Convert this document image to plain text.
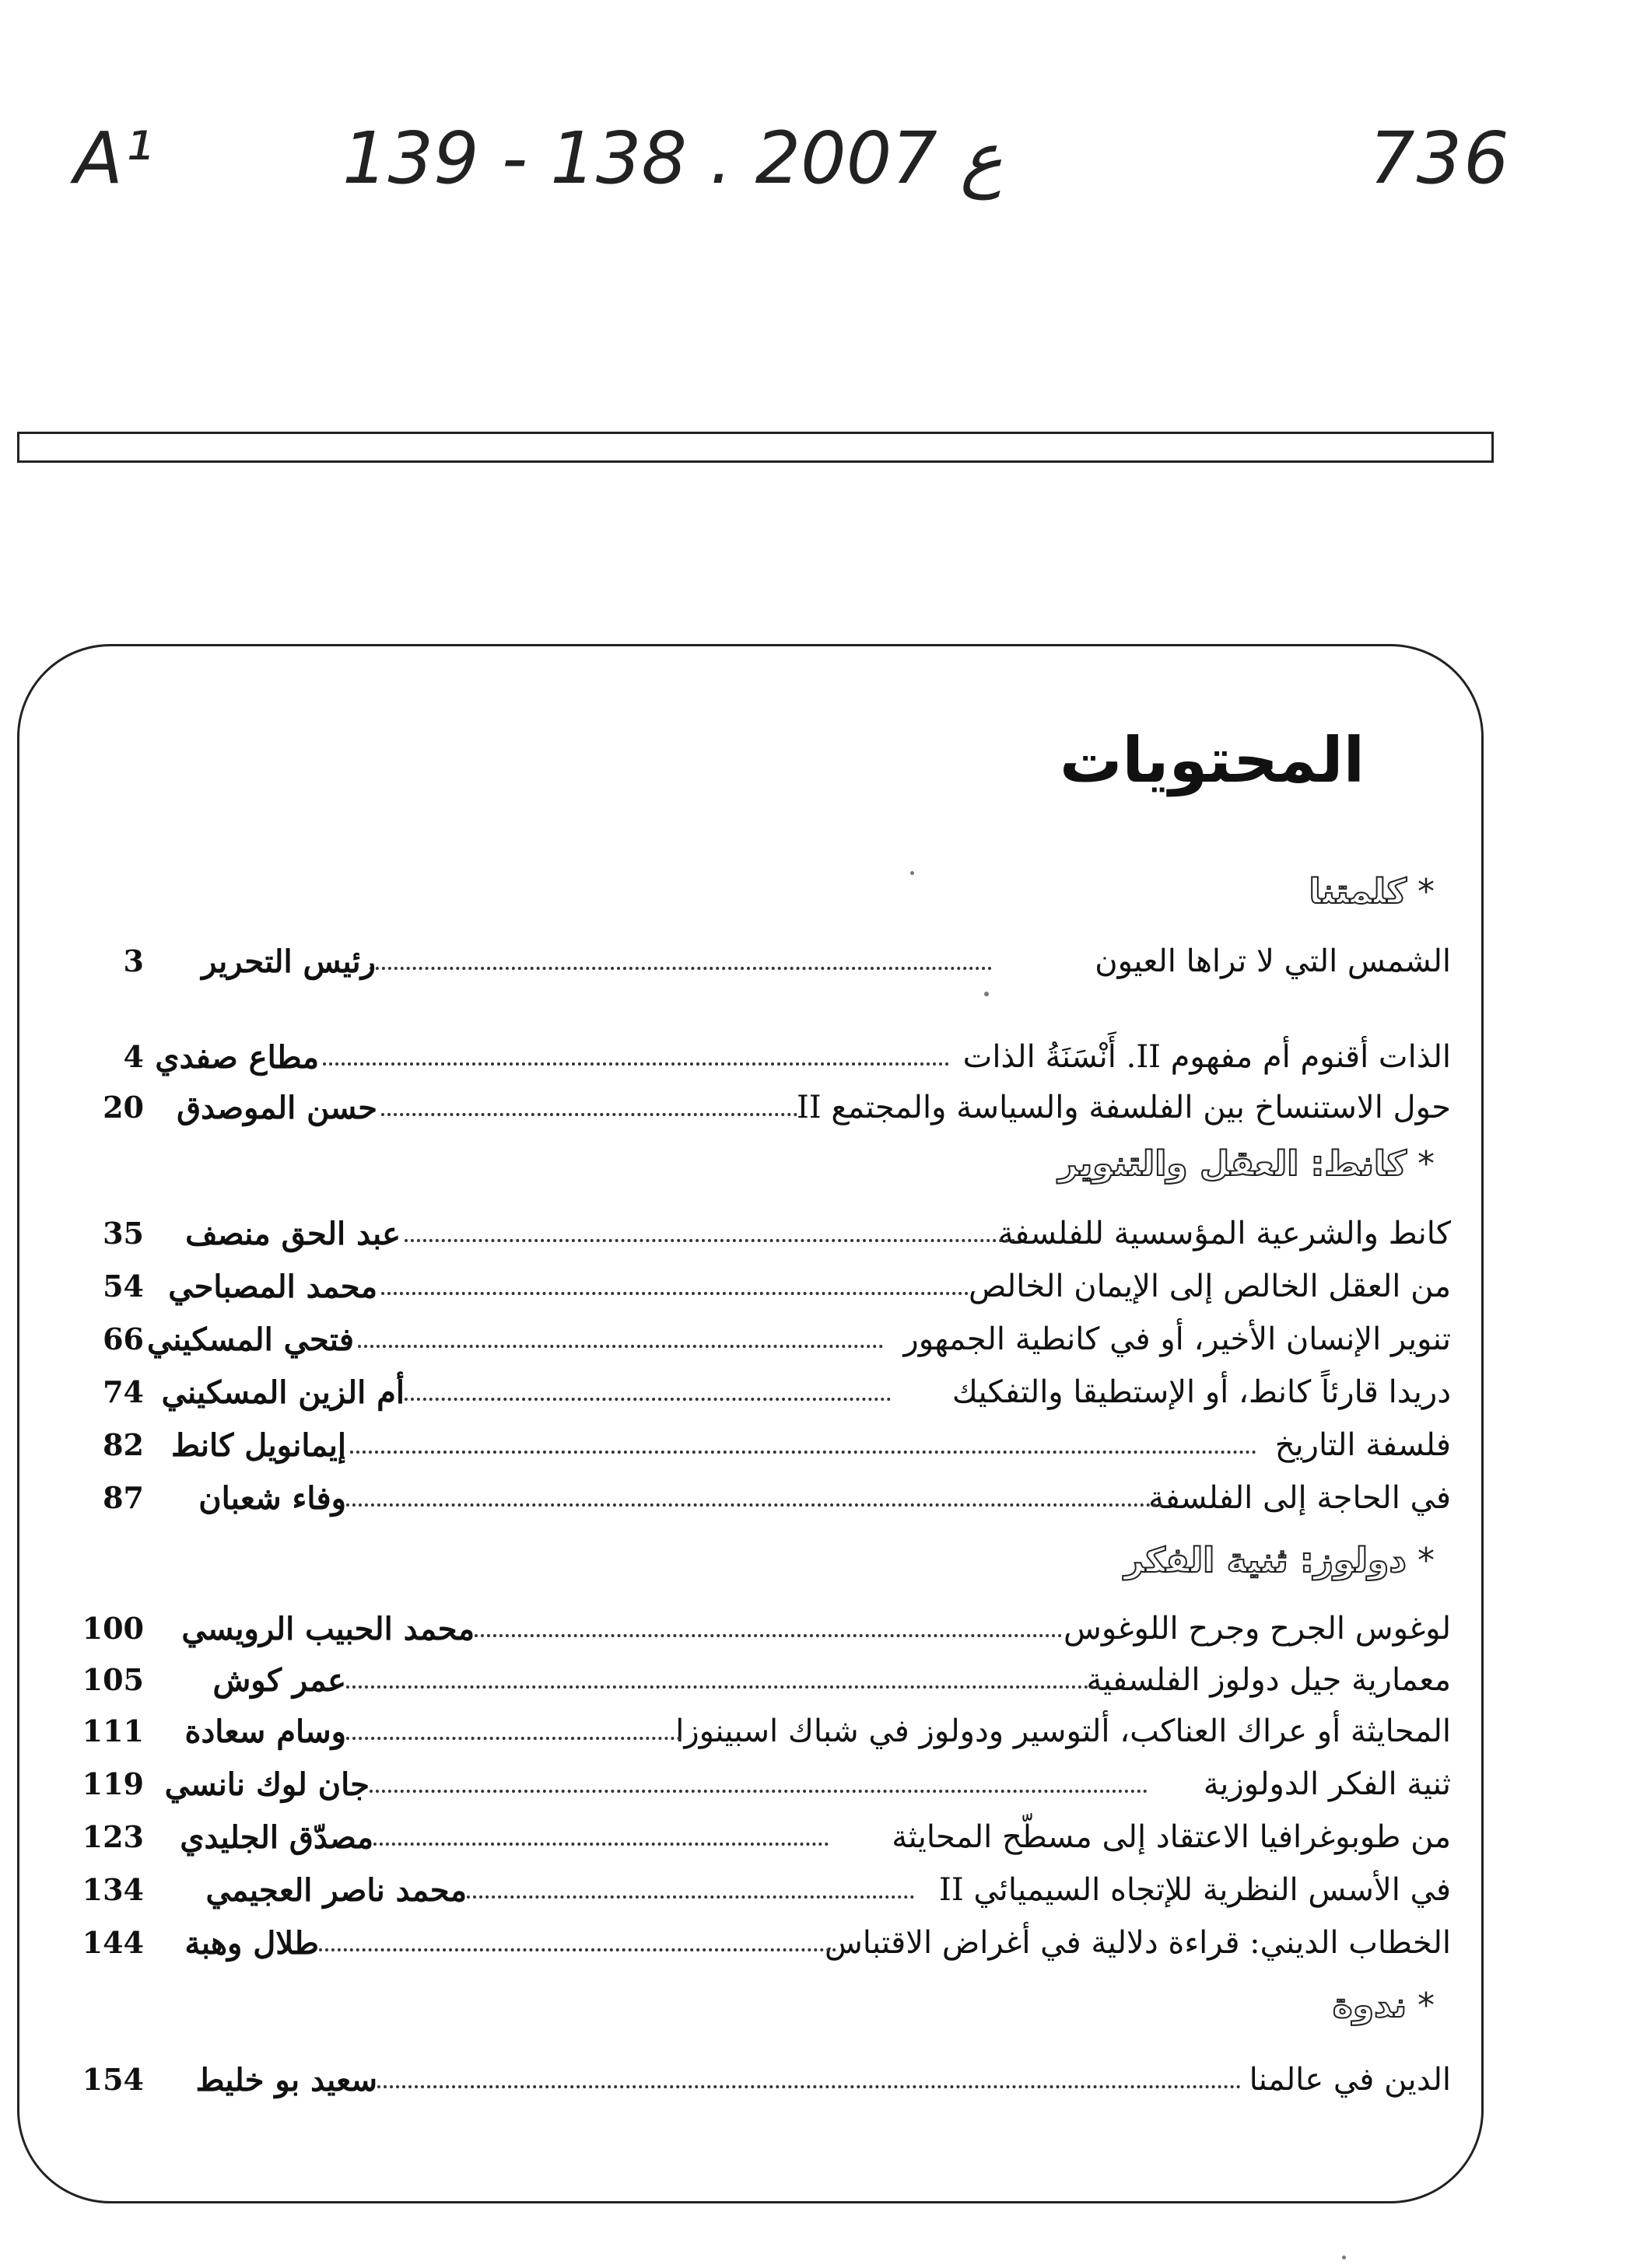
A¹	139 - 138 . ع 2007	736
المحتويات
*كلمتنا
الشمس التي لا تراها العيون
رئيس التحرير
3
الذات أقنوم أم مفهوم II. أَنْسَنَةُ الذات
مطاع صفدي
4
حول الاستنساخ بين الفلسفة والسياسة والمجتمع II
حسن الموصدق
20
*كانط: العقل والتنوير
كانط والشرعية المؤسسية للفلسفة
عبد الحق منصف
35
من العقل الخالص إلى الإيمان الخالص
محمد المصباحي
54
تنوير الإنسان الأخير، أو في كانطية الجمهور
فتحي المسكيني
66
دريدا قارئاً كانط، أو الإستطيقا والتفكيك
أم الزين المسكيني
74
فلسفة التاريخ
إيمانويل كانط
82
في الحاجة إلى الفلسفة
وفاء شعبان
87
*دولوز: ثنية الفكر
لوغوس الجرح وجرح اللوغوس
محمد الحبيب الرويسي
100
معمارية جيل دولوز الفلسفية
عمر كوش
105
المحايثة أو عراك العناكب، ألتوسير ودولوز في شباك اسبينوزا
وسام سعادة
111
ثنية الفكر الدولوزية
جان لوك نانسي
119
من طوبوغرافيا الاعتقاد إلى مسطّح المحايثة
مصدّق الجليدي
123
في الأسس النظرية للإتجاه السيميائي II
محمد ناصر العجيمي
134
الخطاب الديني: قراءة دلالية في أغراض الاقتباس
طلال وهبة
144
*ندوة
الدين في عالمنا
سعيد بو خليط
154
